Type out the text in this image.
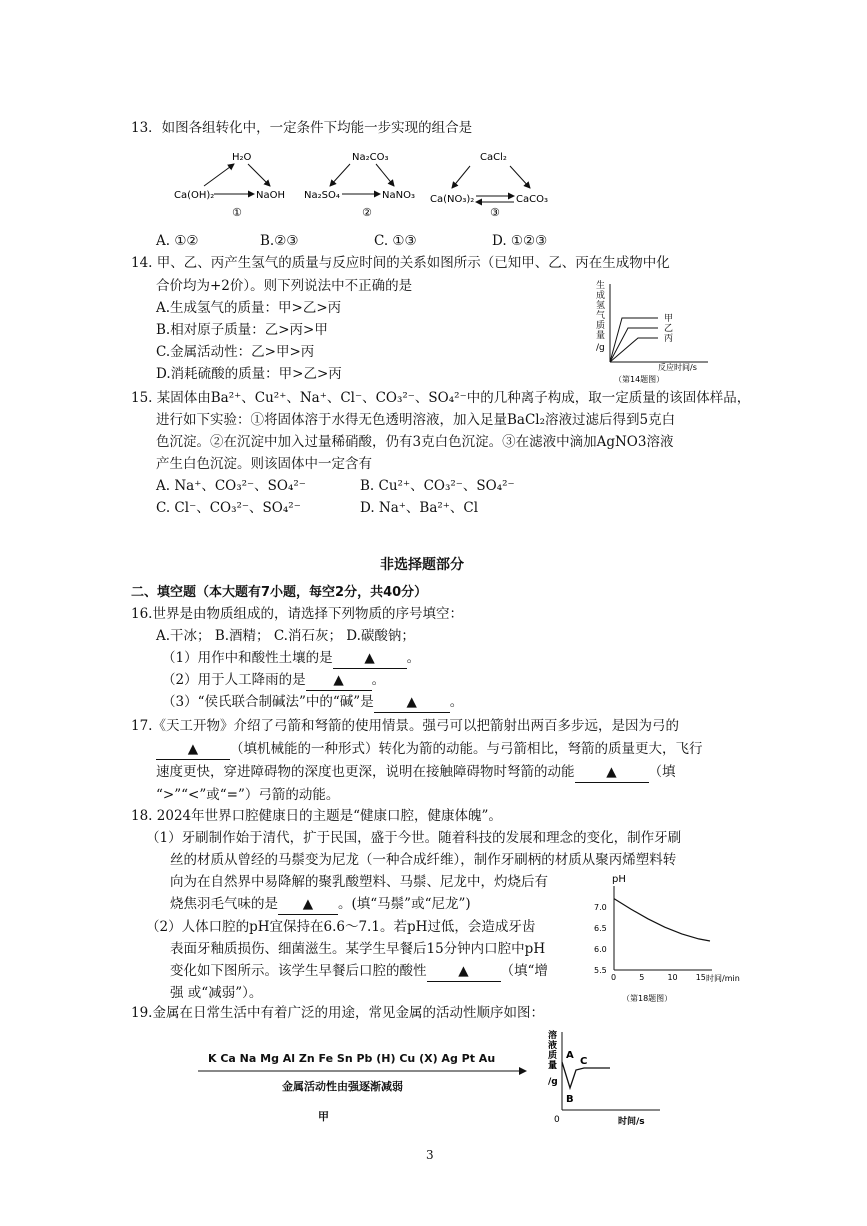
13．如图各组转化中，一定条件下均能一步实现的组合是
H₂O
Ca(OH)₂	NaOH
①
Na₂CO₃
Na₂SO₄	NaNO₃
②
CaCl₂
Ca(NO₃)₂	CaCO₃
③
A. ①②	B.②③	C. ①③	D. ①②③
14. 甲、乙、丙产生氢气的质量与反应时间的关系如图所示（已知甲、乙、丙在生成物中化
合价均为+2价）。则下列说法中不正确的是
A.生成氢气的质量：甲>乙>丙
B.相对原子质量：乙>丙>甲
C.金属活动性：乙>甲>丙
D.消耗硫酸的质量：甲>乙>丙
生
成
氢
气
质
量
/g
甲
乙
丙
反应时间/s
（第14题图）
15. 某固体由Ba²⁺、Cu²⁺、Na⁺、Cl⁻、CO₃²⁻、SO₄²⁻中的几种离子构成，取一定质量的该固体样品，
进行如下实验：①将固体溶于水得无色透明溶液，加入足量BaCl₂溶液过滤后得到5克白
色沉淀。②在沉淀中加入过量稀硝酸，仍有3克白色沉淀。③在滤液中滴加AgNO3溶液
产生白色沉淀。则该固体中一定含有
A. Na⁺、CO₃²⁻、SO₄²⁻	B. Cu²⁺、CO₃²⁻、SO₄²⁻
C. Cl⁻、CO₃²⁻、SO₄²⁻	D. Na⁺、Ba²⁺、Cl
非选择题部分
二、填空题（本大题有7小题，每空2分，共40分）
16.世界是由物质组成的，请选择下列物质的序号填空：
A.干冰； B.酒精； C.消石灰； D.碳酸钠；
（1）用作中和酸性土壤的是 ▲ 。
（2）用于人工降雨的是 ▲ 。
（3）“侯氏联合制碱法”中的“碱”是 ▲ 。
17.《天工开物》介绍了弓箭和弩箭的使用情景。强弓可以把箭射出两百多步远，是因为弓的
▲ （填机械能的一种形式）转化为箭的动能。与弓箭相比，弩箭的质量更大，飞行
速度更快，穿进障碍物的深度也更深，说明在接触障碍物时弩箭的动能 ▲ （填
“>”“<”或“=”）弓箭的动能。
18. 2024年世界口腔健康日的主题是“健康口腔，健康体魄”。
（1）牙刷制作始于清代，扩于民国，盛于今世。随着科技的发展和理念的变化，制作牙刷
丝的材质从曾经的马鬃变为尼龙（一种合成纤维），制作牙刷柄的材质从聚丙烯塑料转
向为在自然界中易降解的聚乳酸塑料、马鬃、尼龙中，灼烧后有
烧焦羽毛气味的是 ▲ 。(填“马鬃”或“尼龙”)
（2）人体口腔的pH宜保持在6.6～7.1。若pH过低，会造成牙齿
表面牙釉质损伤、细菌滋生。某学生早餐后15分钟内口腔中pH
变化如下图所示。该学生早餐后口腔的酸性 ▲ （填“增
强 或“减弱”）。
pH
7.0
6.5
6.0
5.5
0	5	10 15 时间/min
（第18题图）
19.金属在日常生活中有着广泛的用途，常见金属的活动性顺序如图：
K Ca Na Mg Al Zn Fe Sn Pb (H) Cu (X) Ag Pt Au
金属活动性由强逐渐减弱
甲
溶
液
质
量
/g
A
B
C
0	时间/s
3
